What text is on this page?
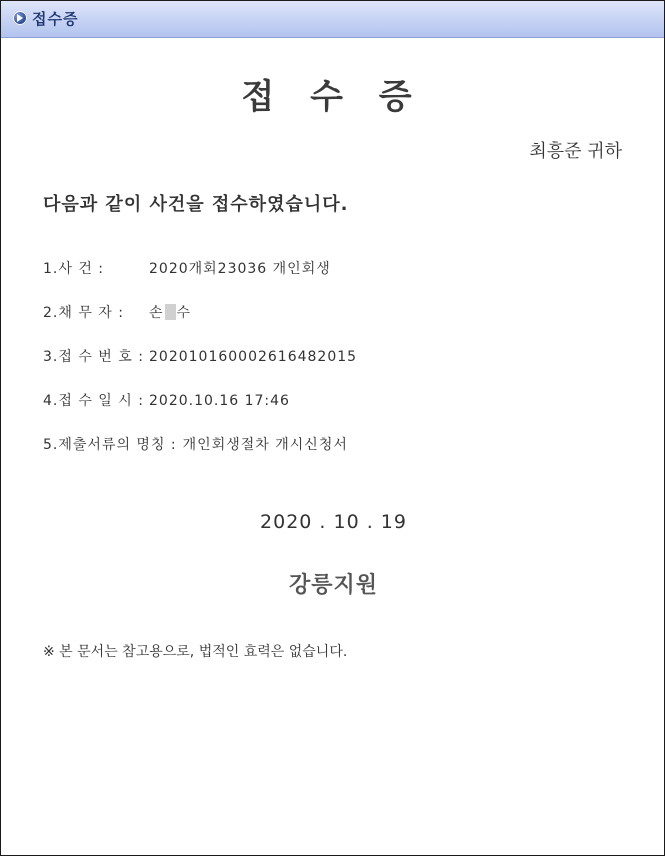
접수증
접 수 증
최흥준 귀하
다음과 같이 사건을 접수하였습니다.
1.사 건 :	2020개회23036 개인회생
2.채 무 자 : 손 수
3.접 수 번 호 : 20201016000261648​2015
4.접 수 일 시 : 2020.10.16 17:46
5.제출서류의 명칭 : 개인회생절차 개시신청서
2020 . 10 . 19
강릉지원
※ 본 문서는 참고용으로, 법적인 효력은 없습니다.
